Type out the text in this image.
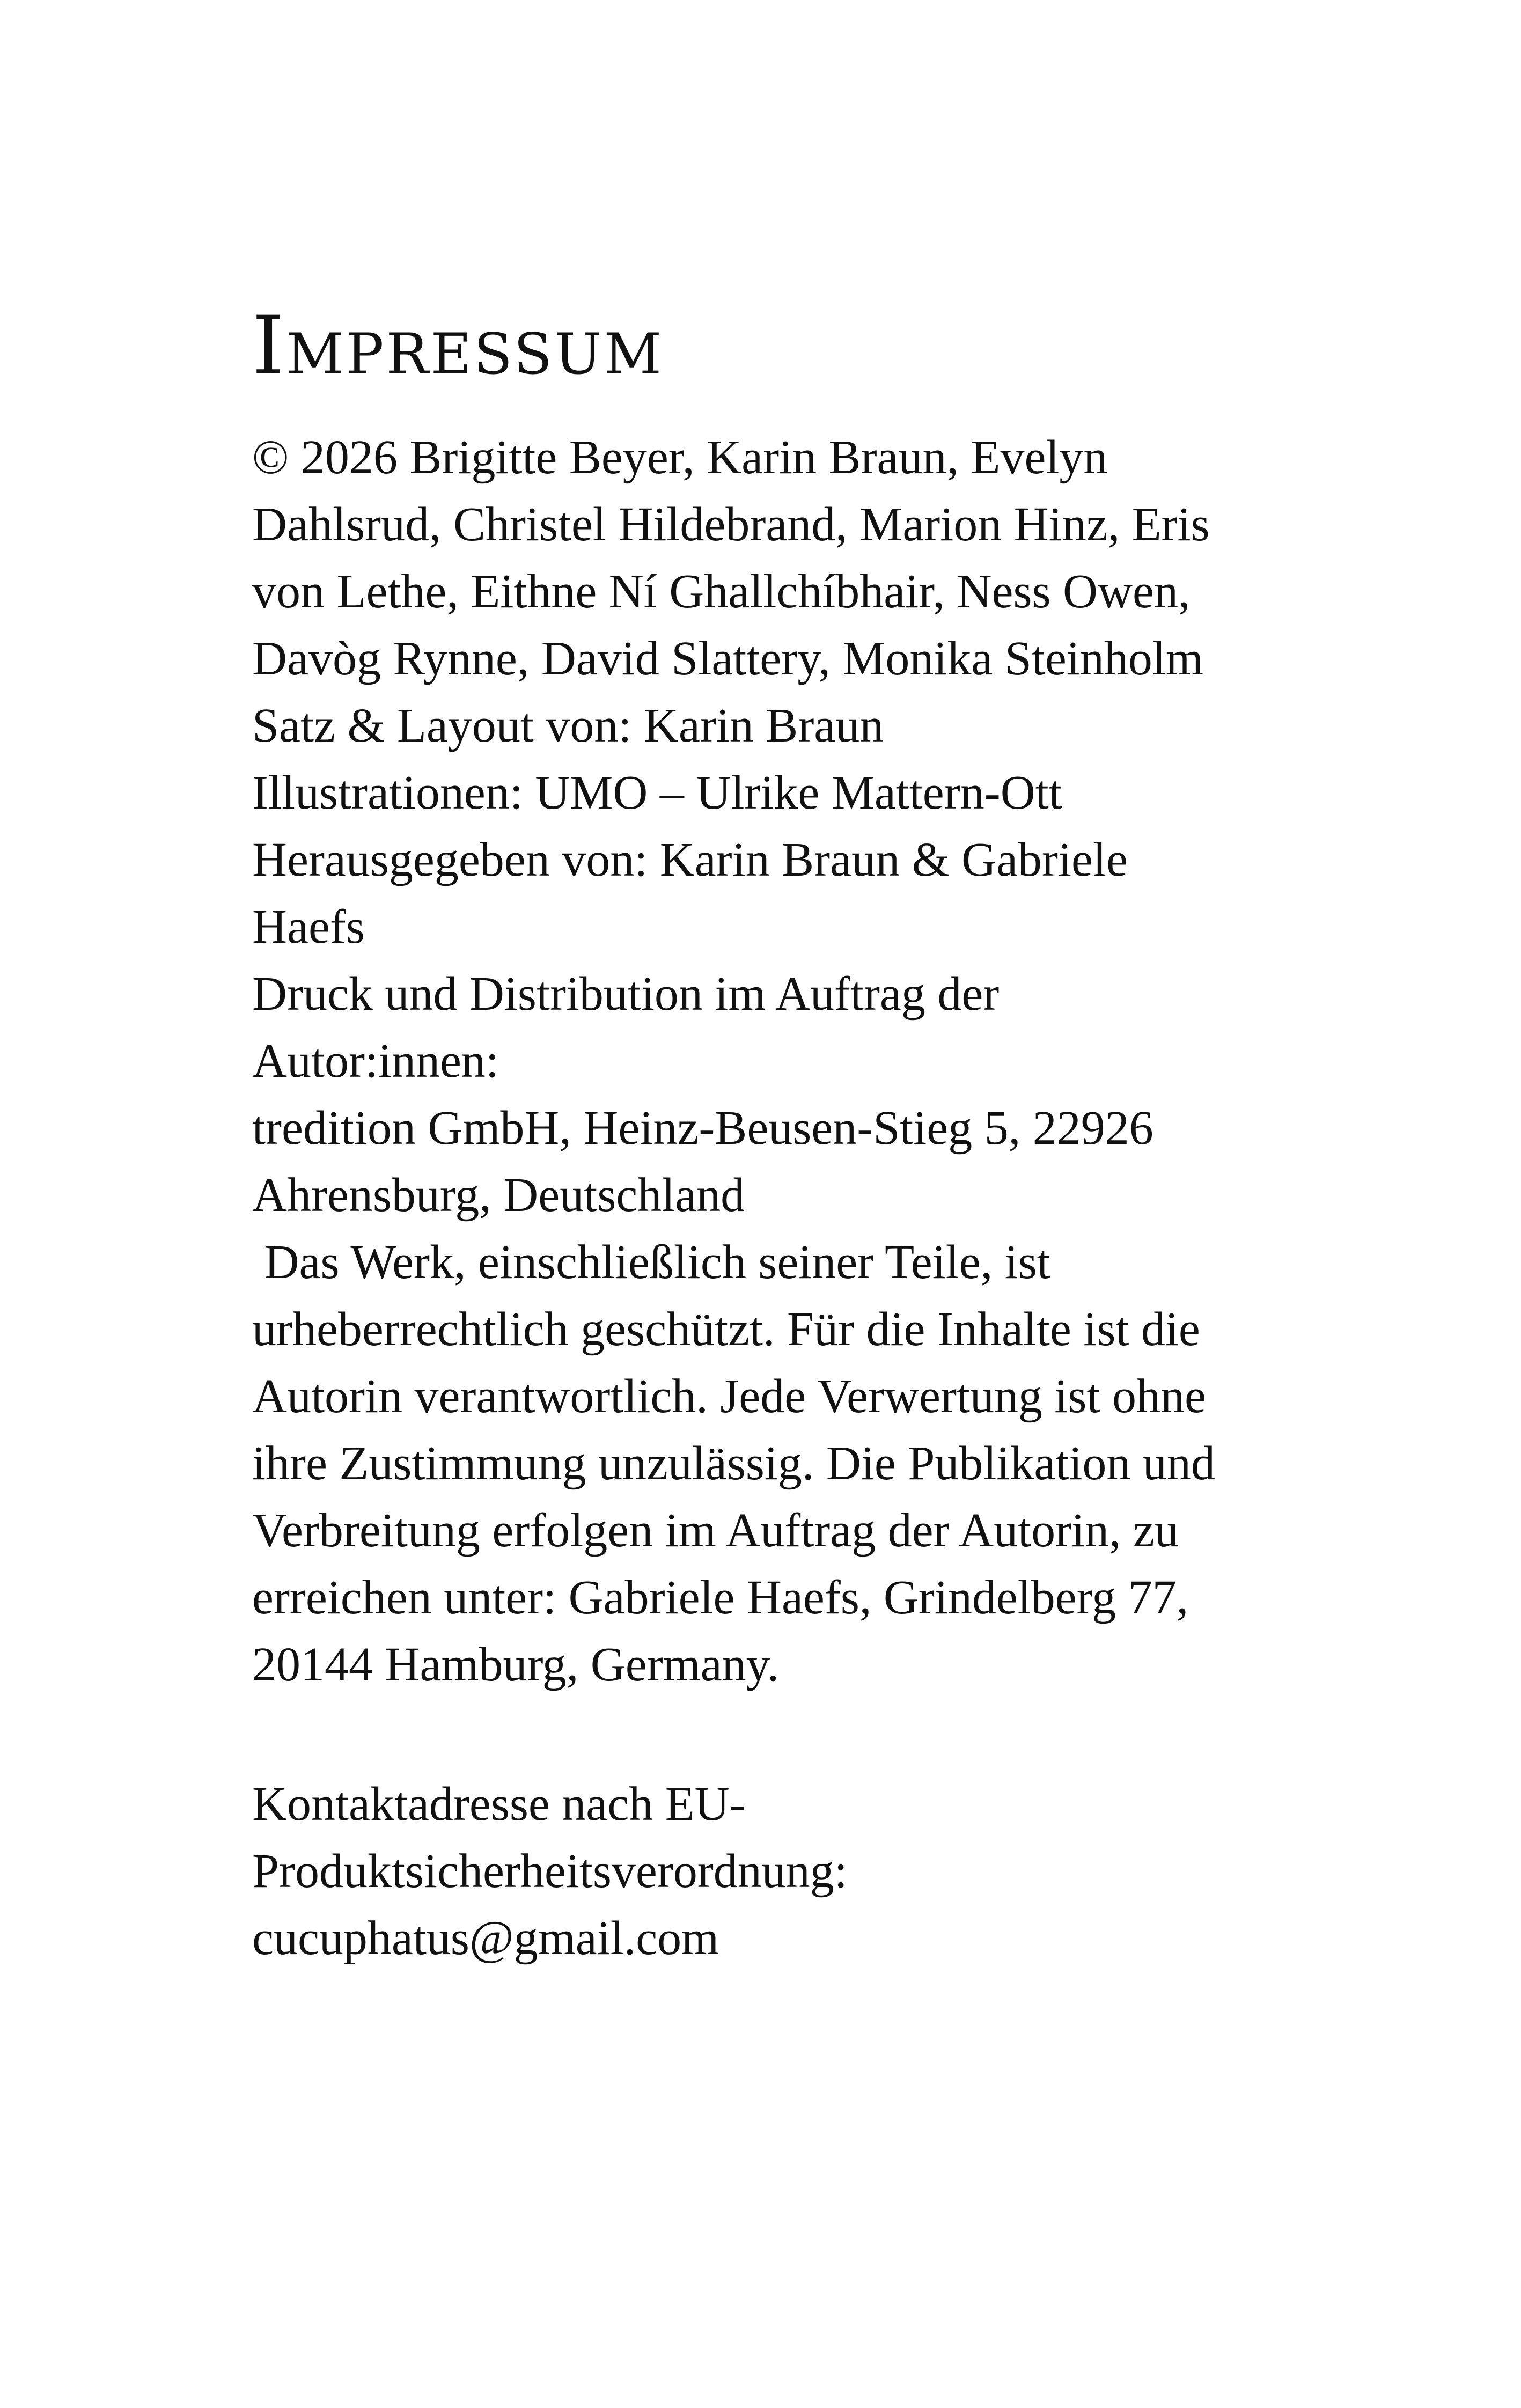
Impressum
© 2026 Brigitte Beyer, Karin Braun, Evelyn
Dahlsrud, Christel Hildebrand, Marion Hinz, Eris
von Lethe, Eithne Ní Ghallchíbhair, Ness Owen,
Davòg Rynne, David Slattery, Monika Steinholm
Satz & Layout von: Karin Braun
Illustrationen: UMO – Ulrike Mattern-Ott
Herausgegeben von: Karin Braun & Gabriele
Haefs
Druck und Distribution im Auftrag der
Autor:innen:
tredition GmbH, Heinz-Beusen-Stieg 5, 22926
Ahrensburg, Deutschland
Das Werk, einschließlich seiner Teile, ist
urheberrechtlich geschützt. Für die Inhalte ist die
Autorin verantwortlich. Jede Verwertung ist ohne
ihre Zustimmung unzulässig. Die Publikation und
Verbreitung erfolgen im Auftrag der Autorin, zu
erreichen unter: Gabriele Haefs, Grindelberg 77,
20144 Hamburg, Germany.
Kontaktadresse nach EU-
Produktsicherheitsverordnung:
cucuphatus@gmail.com
